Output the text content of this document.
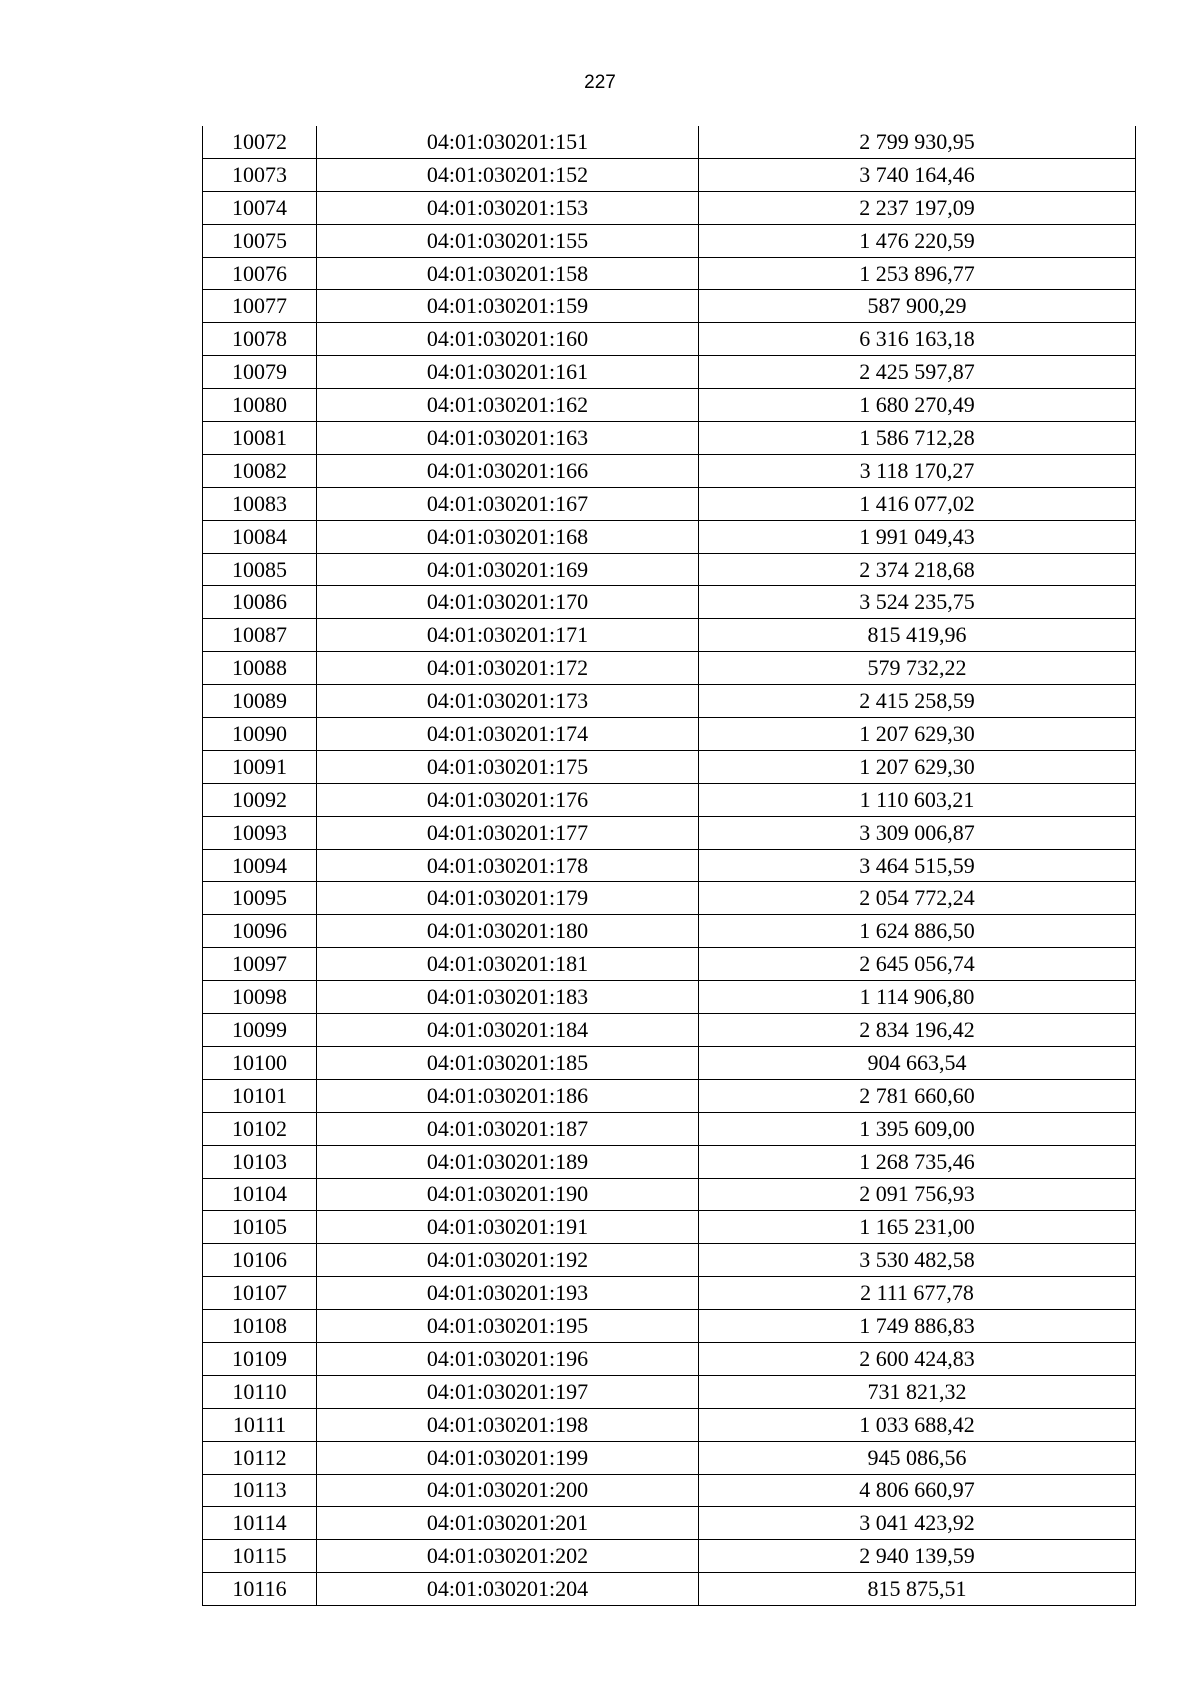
227
10072	04:01:030201:151	2 799 930,95
10073	04:01:030201:152	3 740 164,46
10074	04:01:030201:153	2 237 197,09
10075	04:01:030201:155	1 476 220,59
10076	04:01:030201:158	1 253 896,77
10077	04:01:030201:159	587 900,29
10078	04:01:030201:160	6 316 163,18
10079	04:01:030201:161	2 425 597,87
10080	04:01:030201:162	1 680 270,49
10081	04:01:030201:163	1 586 712,28
10082	04:01:030201:166	3 118 170,27
10083	04:01:030201:167	1 416 077,02
10084	04:01:030201:168	1 991 049,43
10085	04:01:030201:169	2 374 218,68
10086	04:01:030201:170	3 524 235,75
10087	04:01:030201:171	815 419,96
10088	04:01:030201:172	579 732,22
10089	04:01:030201:173	2 415 258,59
10090	04:01:030201:174	1 207 629,30
10091	04:01:030201:175	1 207 629,30
10092	04:01:030201:176	1 110 603,21
10093	04:01:030201:177	3 309 006,87
10094	04:01:030201:178	3 464 515,59
10095	04:01:030201:179	2 054 772,24
10096	04:01:030201:180	1 624 886,50
10097	04:01:030201:181	2 645 056,74
10098	04:01:030201:183	1 114 906,80
10099	04:01:030201:184	2 834 196,42
10100	04:01:030201:185	904 663,54
10101	04:01:030201:186	2 781 660,60
10102	04:01:030201:187	1 395 609,00
10103	04:01:030201:189	1 268 735,46
10104	04:01:030201:190	2 091 756,93
10105	04:01:030201:191	1 165 231,00
10106	04:01:030201:192	3 530 482,58
10107	04:01:030201:193	2 111 677,78
10108	04:01:030201:195	1 749 886,83
10109	04:01:030201:196	2 600 424,83
10110	04:01:030201:197	731 821,32
10111	04:01:030201:198	1 033 688,42
10112	04:01:030201:199	945 086,56
10113	04:01:030201:200	4 806 660,97
10114	04:01:030201:201	3 041 423,92
10115	04:01:030201:202	2 940 139,59
10116	04:01:030201:204	815 875,51
